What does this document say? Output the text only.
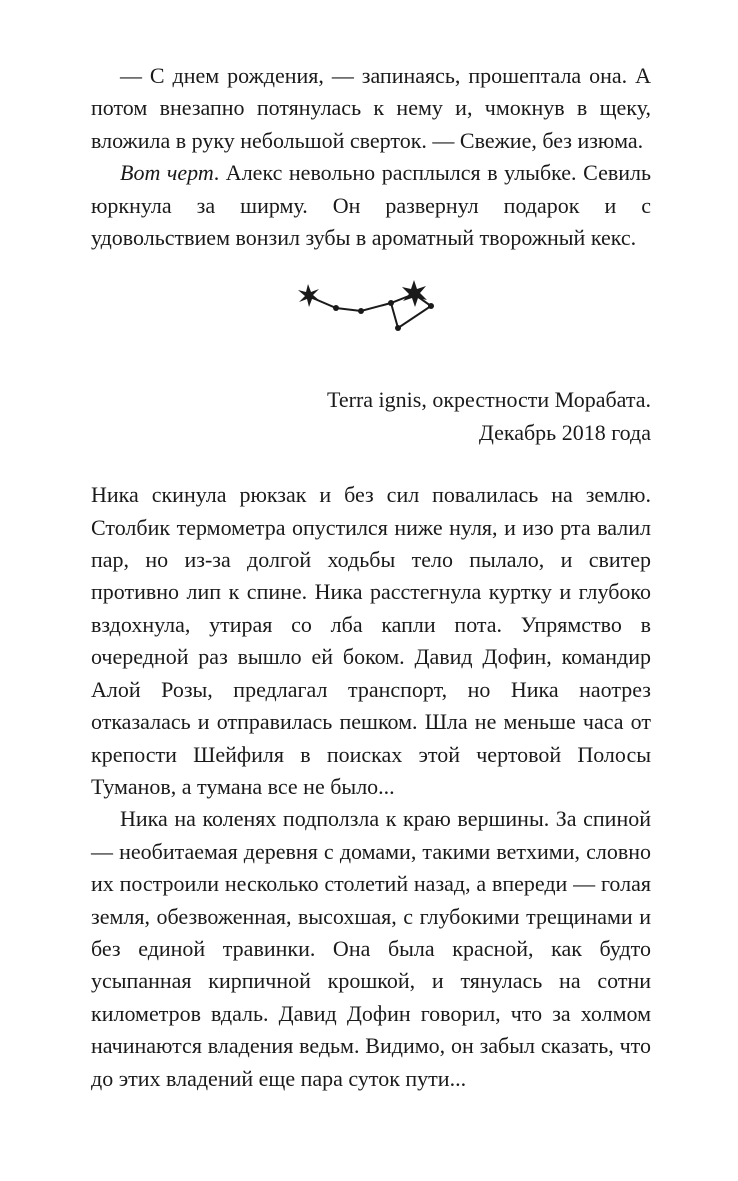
— С днем рождения, — запинаясь, прошептала она. А потом внезапно потянулась к нему и, чмокнув в щеку, вложила в руку небольшой сверток. — Свежие, без изюма.

Вот черт. Алекс невольно расплылся в улыбке. Севиль юркнула за ширму. Он развернул подарок и с удовольствием вонзил зубы в ароматный творожный кекс.

Terra ignis, окрестности Морабата.
Декабрь 2018 года

Ника скинула рюкзак и без сил повалилась на землю. Столбик термометра опустился ниже нуля, и изо рта валил пар, но из-за долгой ходьбы тело пылало, и свитер противно лип к спине. Ника расстегнула куртку и глубоко вздохнула, утирая со лба капли пота. Упрямство в очередной раз вышло ей боком. Давид Дофин, командир Алой Розы, предлагал транспорт, но Ника наотрез отказалась и отправилась пешком. Шла не меньше часа от крепости Шейфиля в поисках этой чертовой Полосы Туманов, а тумана все не было...

Ника на коленях подползла к краю вершины. За спиной — необитаемая деревня с домами, такими ветхими, словно их построили несколько столетий назад, а впереди — голая земля, обезвоженная, высохшая, с глубокими трещинами и без единой травинки. Она была красной, как будто усыпанная кирпичной крошкой, и тянулась на сотни километров вдаль. Давид Дофин говорил, что за холмом начинаются владения ведьм. Видимо, он забыл сказать, что до этих владений еще пара суток пути...
